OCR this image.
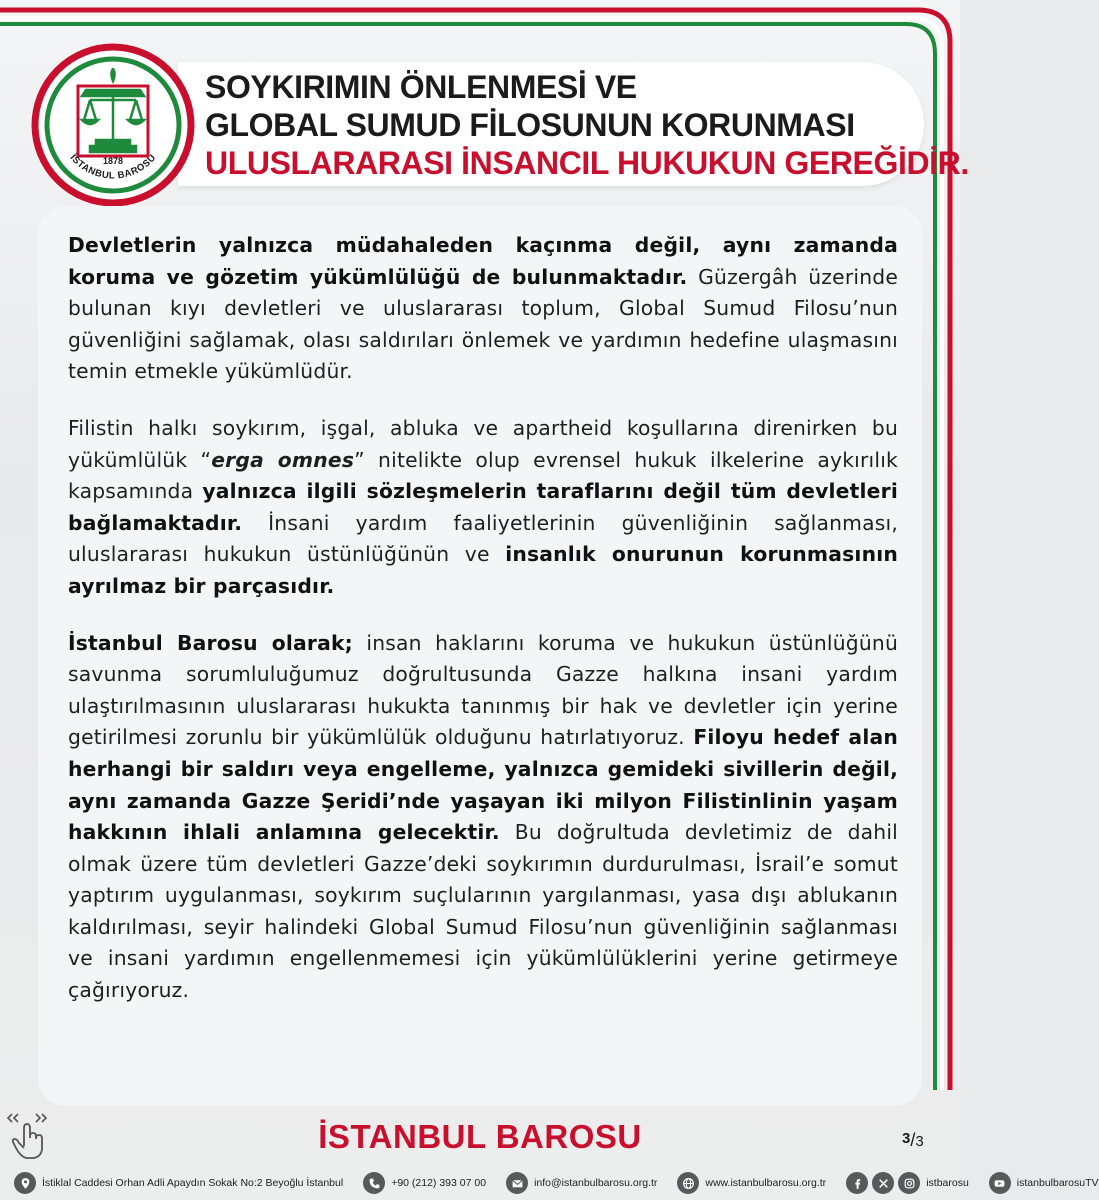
1878
İSTANBUL BAROSU
SOYKIRIMIN ÖNLENMESİ VE
GLOBAL SUMUD FİLOSUNUN KORUNMASI
ULUSLARARASI İNSANCIL HUKUKUN GEREĞİDİR.

Devletlerin yalnızca müdahaleden kaçınma değil, aynı zamanda koruma ve gözetim yükümlülüğü de bulunmaktadır. Güzergâh üzerinde bulunan kıyı devletleri ve uluslararası toplum, Global Sumud Filosu’nun güvenliğini sağlamak, olası saldırıları önlemek ve yardımın hedefine ulaşmasını temin etmekle yükümlüdür.

Filistin halkı soykırım, işgal, abluka ve apartheid koşullarına direnirken bu yükümlülük “erga omnes” nitelikte olup evrensel hukuk ilkelerine aykırılık kapsamında yalnızca ilgili sözleşmelerin taraflarını değil tüm devletleri bağlamaktadır. İnsani yardım faaliyetlerinin güvenliğinin sağlanması, uluslararası hukukun üstünlüğünün ve insanlık onurunun korunmasının ayrılmaz bir parçasıdır.

İstanbul Barosu olarak; insan haklarını koruma ve hukukun üstünlüğünü savunma sorumluluğumuz doğrultusunda Gazze halkına insani yardım ulaştırılmasının uluslararası hukukta tanınmış bir hak ve devletler için yerine getirilmesi zorunlu bir yükümlülük olduğunu hatırlatıyoruz. Filoyu hedef alan herhangi bir saldırı veya engelleme, yalnızca gemideki sivillerin değil, aynı zamanda Gazze Şeridi’nde yaşayan iki milyon Filistinlinin yaşam hakkının ihlali anlamına gelecektir. Bu doğrultuda devletimiz de dahil olmak üzere tüm devletleri Gazze’deki soykırımın durdurulması, İsrail’e somut yaptırım uygulanması, soykırım suçlularının yargılanması, yasa dışı ablukanın kaldırılması, seyir halindeki Global Sumud Filosu’nun güvenliğinin sağlanması ve insani yardımın engellenmemesi için yükümlülüklerini yerine getirmeye çağırıyoruz.

İSTANBUL BAROSU	3/3
İstiklal Caddesi Orhan Adli Apaydın Sokak No:2 Beyoğlu İstanbul	+90 (212) 393 07 00	info@istanbulbarosu.org.tr	www.istanbulbarosu.org.tr	istbarosu	istanbulbarosuTV
